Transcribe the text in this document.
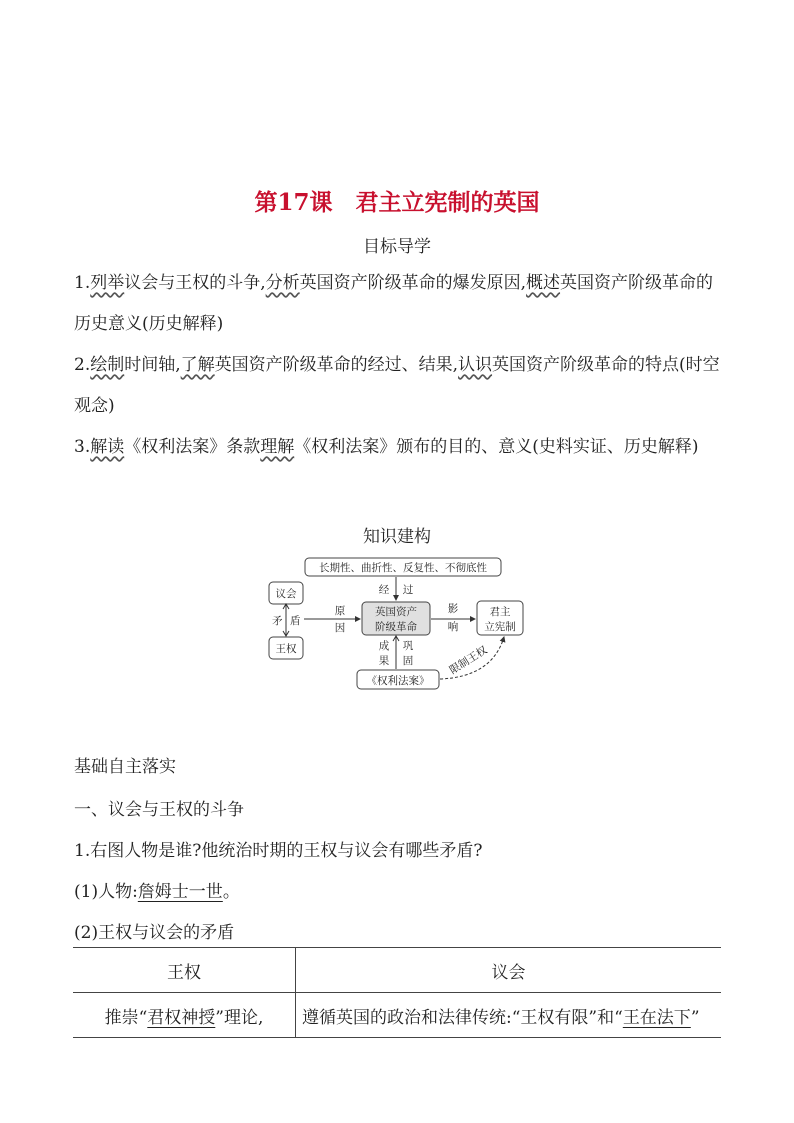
第17课　君主立宪制的英国
目标导学

1.列举议会与王权的斗争,分析英国资产阶级革命的爆发原因,概述英国资产阶级革命的历史意义(历史解释)

2.绘制时间轴,了解英国资产阶级革命的经过、结果,认识英国资产阶级革命的特点(时空观念)

3.解读《权利法案》条款理解《权利法案》颁布的目的、意义(史料实证、历史解释)

知识建构
长期性、曲折性、反复性、不彻底性
议会
王权
矛 盾
原
因
英国资产
阶级革命
经 过
影
响
君主
立宪制
成
果
巩
固
《权利法案》
限制王权
基础自主落实
一、议会与王权的斗争
1.右图人物是谁?他统治时期的王权与议会有哪些矛盾?
(1)人物:詹姆士一世。
(2)王权与议会的矛盾
王权	议会
推崇“君权神授”理论,	遵循英国的政治和法律传统:“王权有限”和“王在法下”
